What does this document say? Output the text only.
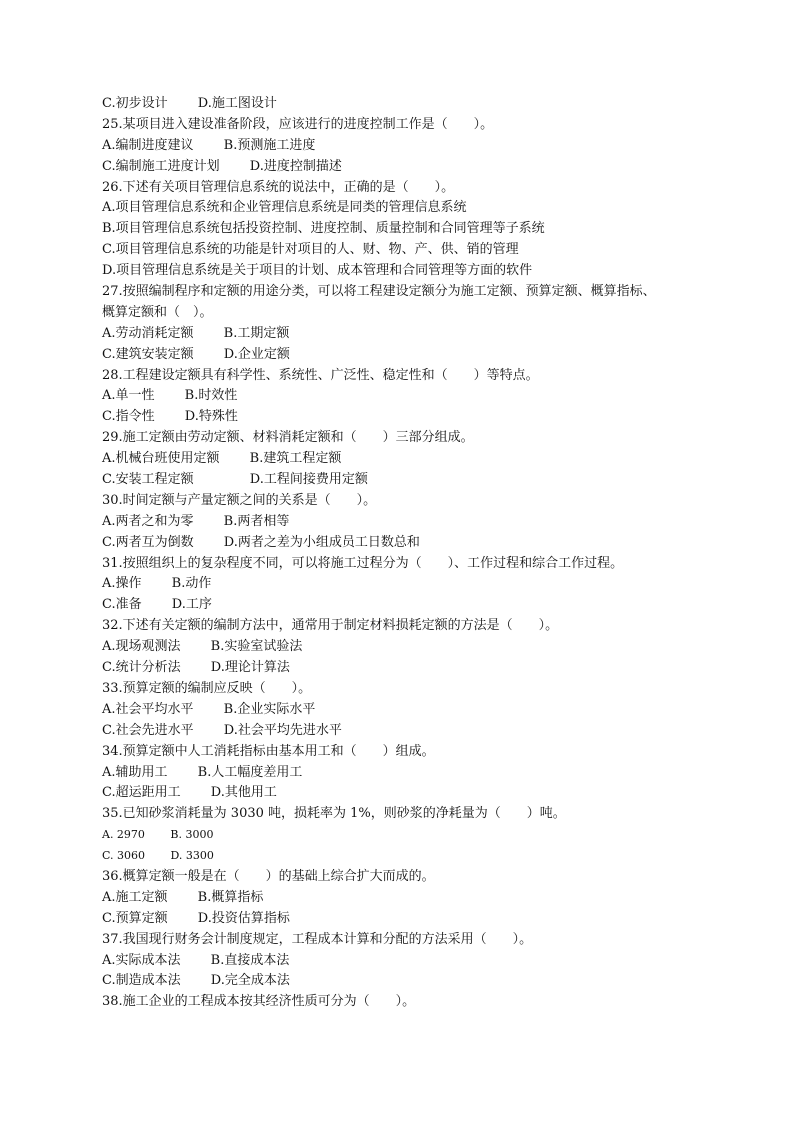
C.初步设计　　 D.施工图设计
25.某项目进入建设准备阶段，应该进行的进度控制工作是（　　）。
A.编制进度建议　　 B.预测施工进度
C.编制施工进度计划　　 D.进度控制描述
26.下述有关项目管理信息系统的说法中，正确的是（　　）。
A.项目管理信息系统和企业管理信息系统是同类的管理信息系统
B.项目管理信息系统包括投资控制、进度控制、质量控制和合同管理等子系统
C.项目管理信息系统的功能是针对项目的人、财、物、产、供、销的管理
D.项目管理信息系统是关于项目的计划、成本管理和合同管理等方面的软件
27.按照编制程序和定额的用途分类，可以将工程建设定额分为施工定额、预算定额、概算指标、
概算定额和（　）。
A.劳动消耗定额　　 B.工期定额
C.建筑安装定额　　 D.企业定额
28.工程建设定额具有科学性、系统性、广泛性、稳定性和（　　）等特点。
A.单一性　　 B.时效性
C.指令性　　 D.特殊性
29.施工定额由劳动定额、材料消耗定额和（　　）三部分组成。
A.机械台班使用定额　　 B.建筑工程定额
C.安装工程定额　　　　 D.工程间接费用定额
30.时间定额与产量定额之间的关系是（　　）。
A.两者之和为零　　 B.两者相等
C.两者互为倒数　　 D.两者之差为小组成员工日数总和
31.按照组织上的复杂程度不同，可以将施工过程分为（　　）、工作过程和综合工作过程。
A.操作　　 B.动作
C.准备　　 D.工序
32.下述有关定额的编制方法中，通常用于制定材料损耗定额的方法是（　　）。
A.现场观测法　　 B.实验室试验法
C.统计分析法　　 D.理论计算法
33.预算定额的编制应反映（　　）。
A.社会平均水平　　 B.企业实际水平
C.社会先进水平　　 D.社会平均先进水平
34.预算定额中人工消耗指标由基本用工和（　　）组成。
A.辅助用工　　 B.人工幅度差用工
C.超运距用工　　 D.其他用工
35.已知砂浆消耗量为 3030 吨，损耗率为 1%，则砂浆的净耗量为（　　）吨。
A. 2970　　 B. 3000
C. 3060　　 D. 3300
36.概算定额一般是在（　　）的基础上综合扩大而成的。
A.施工定额　　 B.概算指标
C.预算定额　　 D.投资估算指标
37.我国现行财务会计制度规定，工程成本计算和分配的方法采用（　　）。
A.实际成本法　　 B.直接成本法
C.制造成本法　　 D.完全成本法
38.施工企业的工程成本按其经济性质可分为（　　）。
